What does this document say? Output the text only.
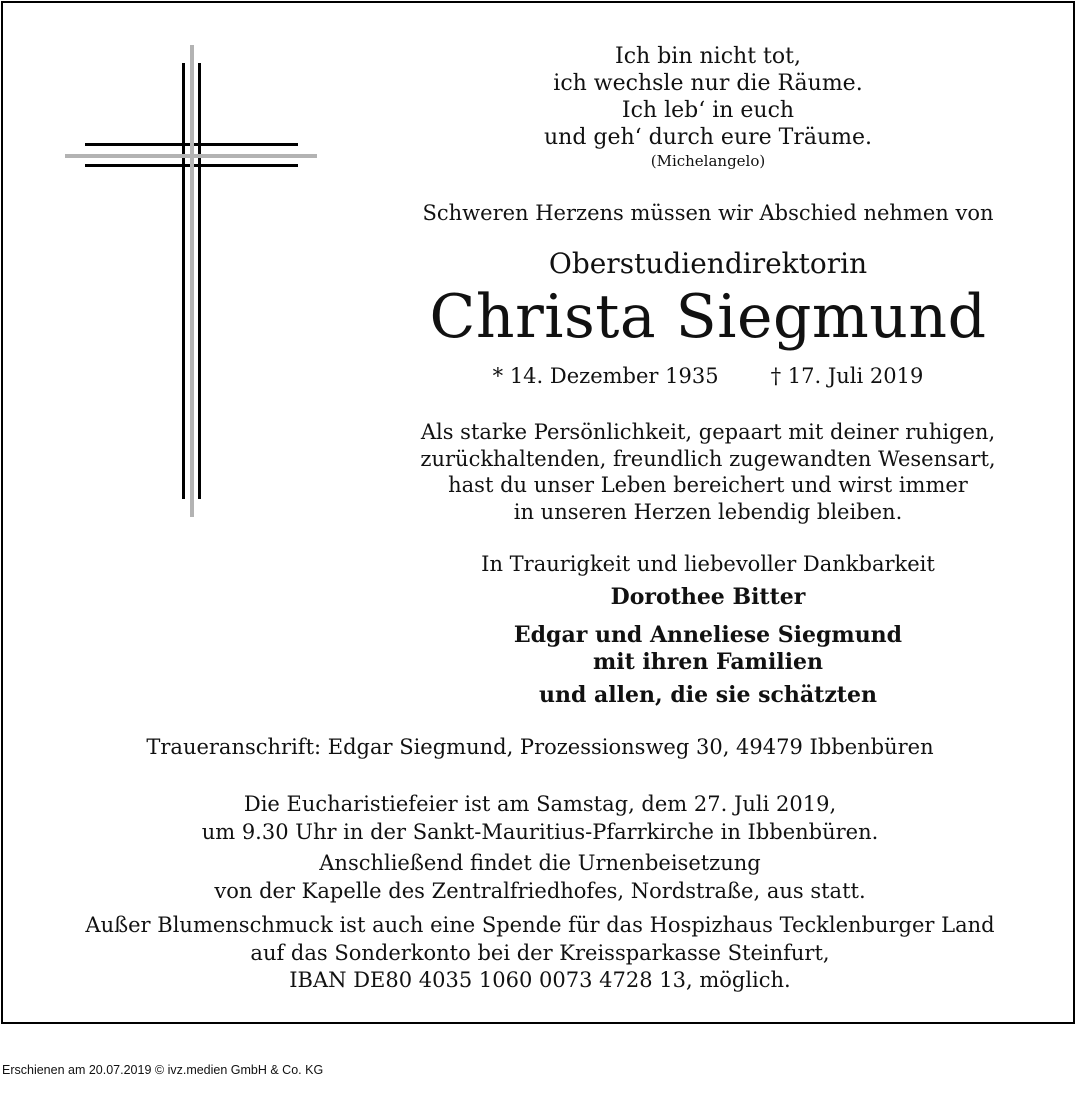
Ich bin nicht tot,
ich wechsle nur die Räume.
Ich leb‘ in euch
und geh‘ durch eure Träume.
(Michelangelo)
Schweren Herzens müssen wir Abschied nehmen von
Oberstudiendirektorin
Christa Siegmund
* 14. Dezember 1935 † 17. Juli 2019
Als starke Persönlichkeit, gepaart mit deiner ruhigen,
zurückhaltenden, freundlich zugewandten Wesensart,
hast du unser Leben bereichert und wirst immer
in unseren Herzen lebendig bleiben.
In Traurigkeit und liebevoller Dankbarkeit
Dorothee Bitter
Edgar und Anneliese Siegmund
mit ihren Familien
und allen, die sie schätzten
Traueranschrift: Edgar Siegmund, Prozessionsweg 30, 49479 Ibbenbüren
Die Eucharistiefeier ist am Samstag, dem 27. Juli 2019,
um 9.30 Uhr in der Sankt-Mauritius-Pfarrkirche in Ibbenbüren.
Anschließend findet die Urnenbeisetzung
von der Kapelle des Zentralfriedhofes, Nordstraße, aus statt.
Außer Blumenschmuck ist auch eine Spende für das Hospizhaus Tecklenburger Land
auf das Sonderkonto bei der Kreissparkasse Steinfurt,
IBAN DE80 4035 1060 0073 4728 13, möglich.
Erschienen am 20.07.2019 © ivz.medien GmbH & Co. KG
